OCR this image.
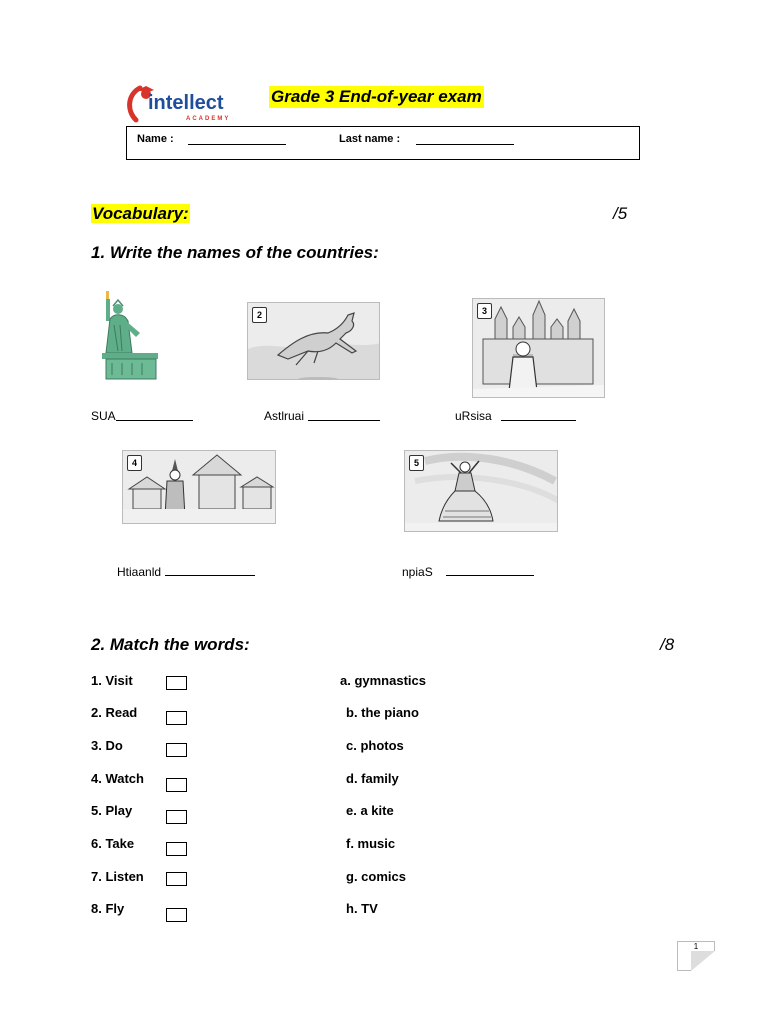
intellect
ACADEMY
Grade 3 End-of-year exam
Name :	Last name :
Vocabulary:	/5
1. Write the names of the countries:
2	3
SUA	Astlruai	uRsisa
4	5
Htiaanld	npiaS
2. Match the words:	/8
1. Visit	a. gymnastics
2. Read	b. the piano
3. Do	c. photos
4. Watch	d. family
5. Play	e. a kite
6. Take	f. music
7. Listen	g. comics
8. Fly	h. TV
1
